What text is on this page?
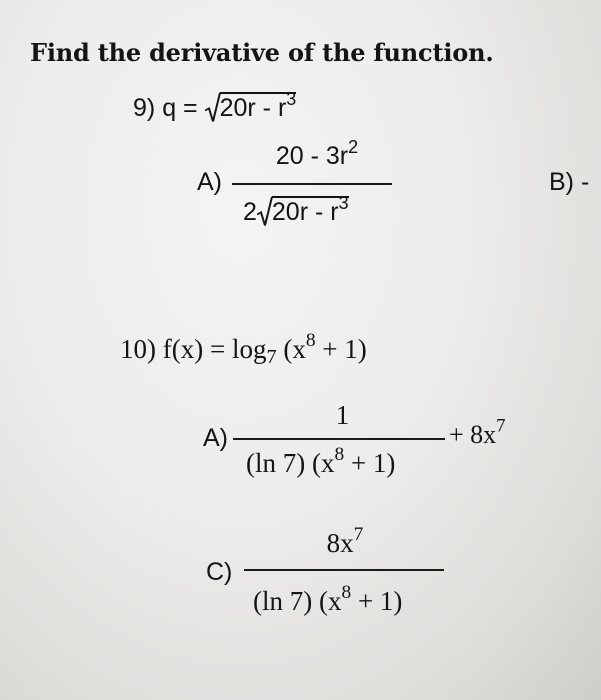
Find the derivative of the function.
9) $q = 20r - r^3$
A)
$20 - 3r^2$
2 $20r - r^3$
B) -
10) f(x) = log7 $(x^8 + 1)$
A)
1
(ln 7) $(x^8 + 1)$
+ $8x^7$
C)
$8x^7$
(ln 7) $(x^8 + 1)$
